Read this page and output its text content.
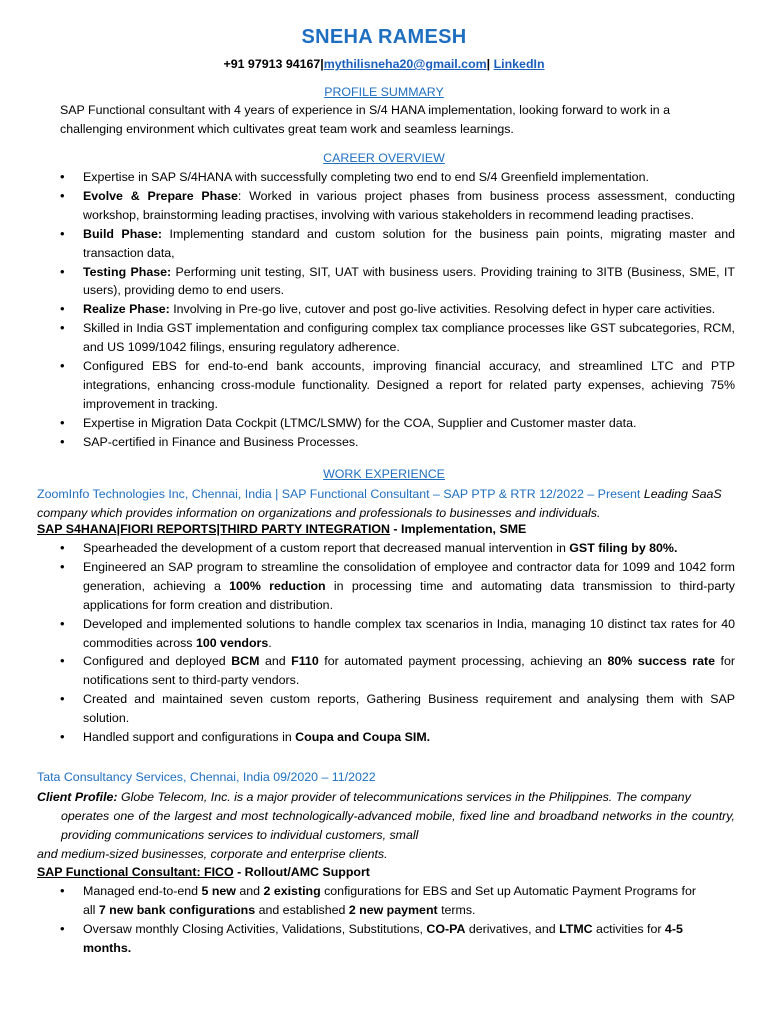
SNEHA RAMESH
+91 97913 94167|mythilisneha20@gmail.com| LinkedIn
PROFILE SUMMARY
SAP Functional consultant with 4 years of experience in S/4 HANA implementation, looking forward to work in a
challenging environment which cultivates great team work and seamless learnings.
CAREER OVERVIEW
• Expertise in SAP S/4HANA with successfully completing two end to end S/4 Greenfield implementation.
• Evolve & Prepare Phase: Worked in various project phases from business process assessment, conducting workshop, brainstorming leading practises, involving with various stakeholders in recommend leading practises.
• Build Phase: Implementing standard and custom solution for the business pain points, migrating master and transaction data,
• Testing Phase: Performing unit testing, SIT, UAT with business users. Providing training to 3ITB (Business, SME, IT users), providing demo to end users.
• Realize Phase: Involving in Pre-go live, cutover and post go-live activities. Resolving defect in hyper care activities.
• Skilled in India GST implementation and configuring complex tax compliance processes like GST subcategories, RCM, and US 1099/1042 filings, ensuring regulatory adherence.
• Configured EBS for end-to-end bank accounts, improving financial accuracy, and streamlined LTC and PTP integrations, enhancing cross-module functionality. Designed a report for related party expenses, achieving 75% improvement in tracking.
• Expertise in Migration Data Cockpit (LTMC/LSMW) for the COA, Supplier and Customer master data.
• SAP-certified in Finance and Business Processes.
WORK EXPERIENCE
ZoomInfo Technologies Inc, Chennai, India | SAP Functional Consultant – SAP PTP & RTR 12/2022 – Present Leading SaaS company which provides information on organizations and professionals to businesses and individuals.
SAP S4HANA|FIORI REPORTS|THIRD PARTY INTEGRATION - Implementation, SME
• Spearheaded the development of a custom report that decreased manual intervention in GST filing by 80%.
• Engineered an SAP program to streamline the consolidation of employee and contractor data for 1099 and 1042 form generation, achieving a 100% reduction in processing time and automating data transmission to third-party applications for form creation and distribution.
• Developed and implemented solutions to handle complex tax scenarios in India, managing 10 distinct tax rates for 40 commodities across 100 vendors.
• Configured and deployed BCM and F110 for automated payment processing, achieving an 80% success rate for notifications sent to third-party vendors.
• Created and maintained seven custom reports, Gathering Business requirement and analysing them with SAP solution.
• Handled support and configurations in Coupa and Coupa SIM.
Tata Consultancy Services, Chennai, India 09/2020 – 11/2022
Client Profile: Globe Telecom, Inc. is a major provider of telecommunications services in the Philippines. The company
operates one of the largest and most technologically-advanced mobile, fixed line and broadband networks in the country, providing communications services to individual customers, small
and medium-sized businesses, corporate and enterprise clients.
SAP Functional Consultant: FICO - Rollout/AMC Support
• Managed end-to-end 5 new and 2 existing configurations for EBS and Set up Automatic Payment Programs for all 7 new bank configurations and established 2 new payment terms.
• Oversaw monthly Closing Activities, Validations, Substitutions, CO-PA derivatives, and LTMC activities for 4-5 months.
